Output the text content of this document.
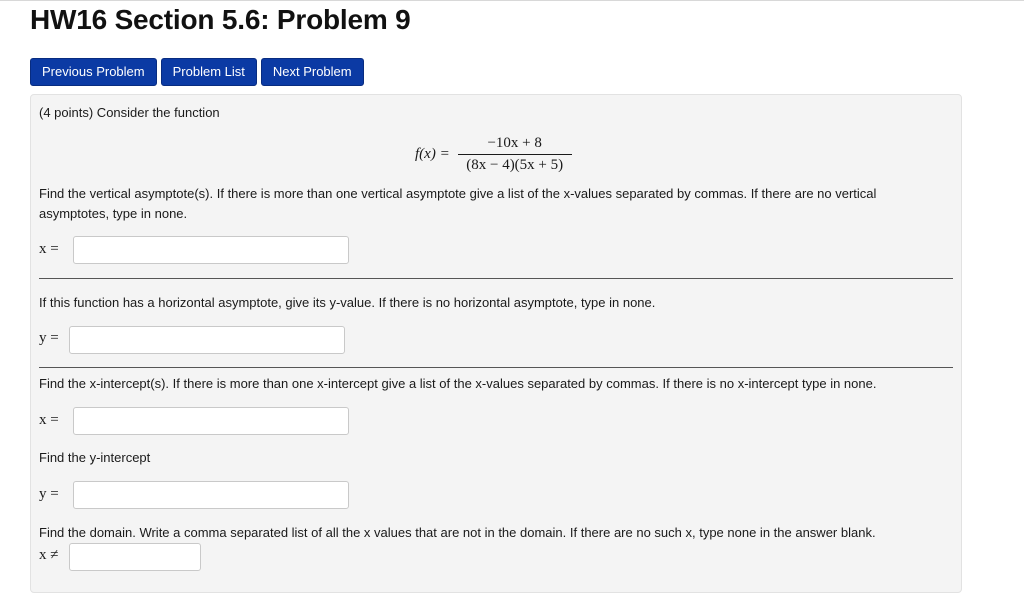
HW16 Section 5.6: Problem 9
Previous Problem	Problem List	Next Problem
(4 points) Consider the function
$f(x) = \frac{-10x + 8}{(8x - 4)(5x + 5)}$
Find the vertical asymptote(s). If there is more than one vertical asymptote give a list of the x-values separated by commas. If there are no vertical
asymptotes, type in none.
x =
If this function has a horizontal asymptote, give its y-value. If there is no horizontal asymptote, type in none.
y =
Find the x-intercept(s). If there is more than one x-intercept give a list of the x-values separated by commas. If there is no x-intercept type in none.
x =
Find the y-intercept
y =
Find the domain. Write a comma separated list of all the x values that are not in the domain. If there are no such x, type none in the answer blank.
x ≠
